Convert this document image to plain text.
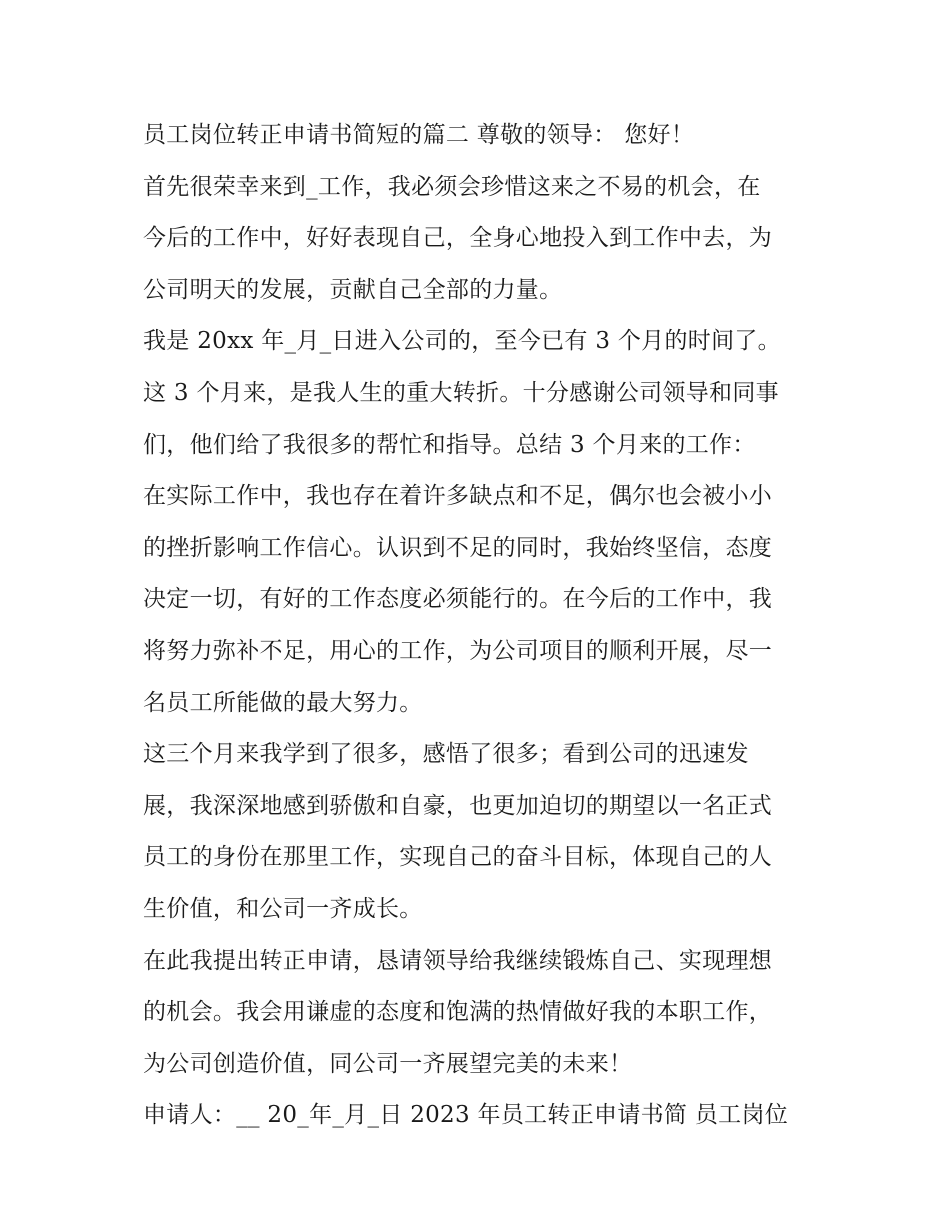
员工岗位转正申请书简短的篇二 尊敬的领导： 您好！
首先很荣幸来到_工作，我必须会珍惜这来之不易的机会，在
今后的工作中，好好表现自己，全身心地投入到工作中去，为
公司明天的发展，贡献自己全部的力量。
我是 20xx 年_月_日进入公司的，至今已有 3 个月的时间了。
这 3 个月来，是我人生的重大转折。十分感谢公司领导和同事
们，他们给了我很多的帮忙和指导。总结 3 个月来的工作：
在实际工作中，我也存在着许多缺点和不足，偶尔也会被小小
的挫折影响工作信心。认识到不足的同时，我始终坚信，态度
决定一切，有好的工作态度必须能行的。在今后的工作中，我
将努力弥补不足，用心的工作，为公司项目的顺利开展，尽一
名员工所能做的最大努力。
这三个月来我学到了很多，感悟了很多；看到公司的迅速发
展，我深深地感到骄傲和自豪，也更加迫切的期望以一名正式
员工的身份在那里工作，实现自己的奋斗目标，体现自己的人
生价值，和公司一齐成长。
在此我提出转正申请，恳请领导给我继续锻炼自己、实现理想
的机会。我会用谦虚的态度和饱满的热情做好我的本职工作，
为公司创造价值，同公司一齐展望完美的未来！
申请人：__ 20_年_月_日 2023 年员工转正申请书简 员工岗位
